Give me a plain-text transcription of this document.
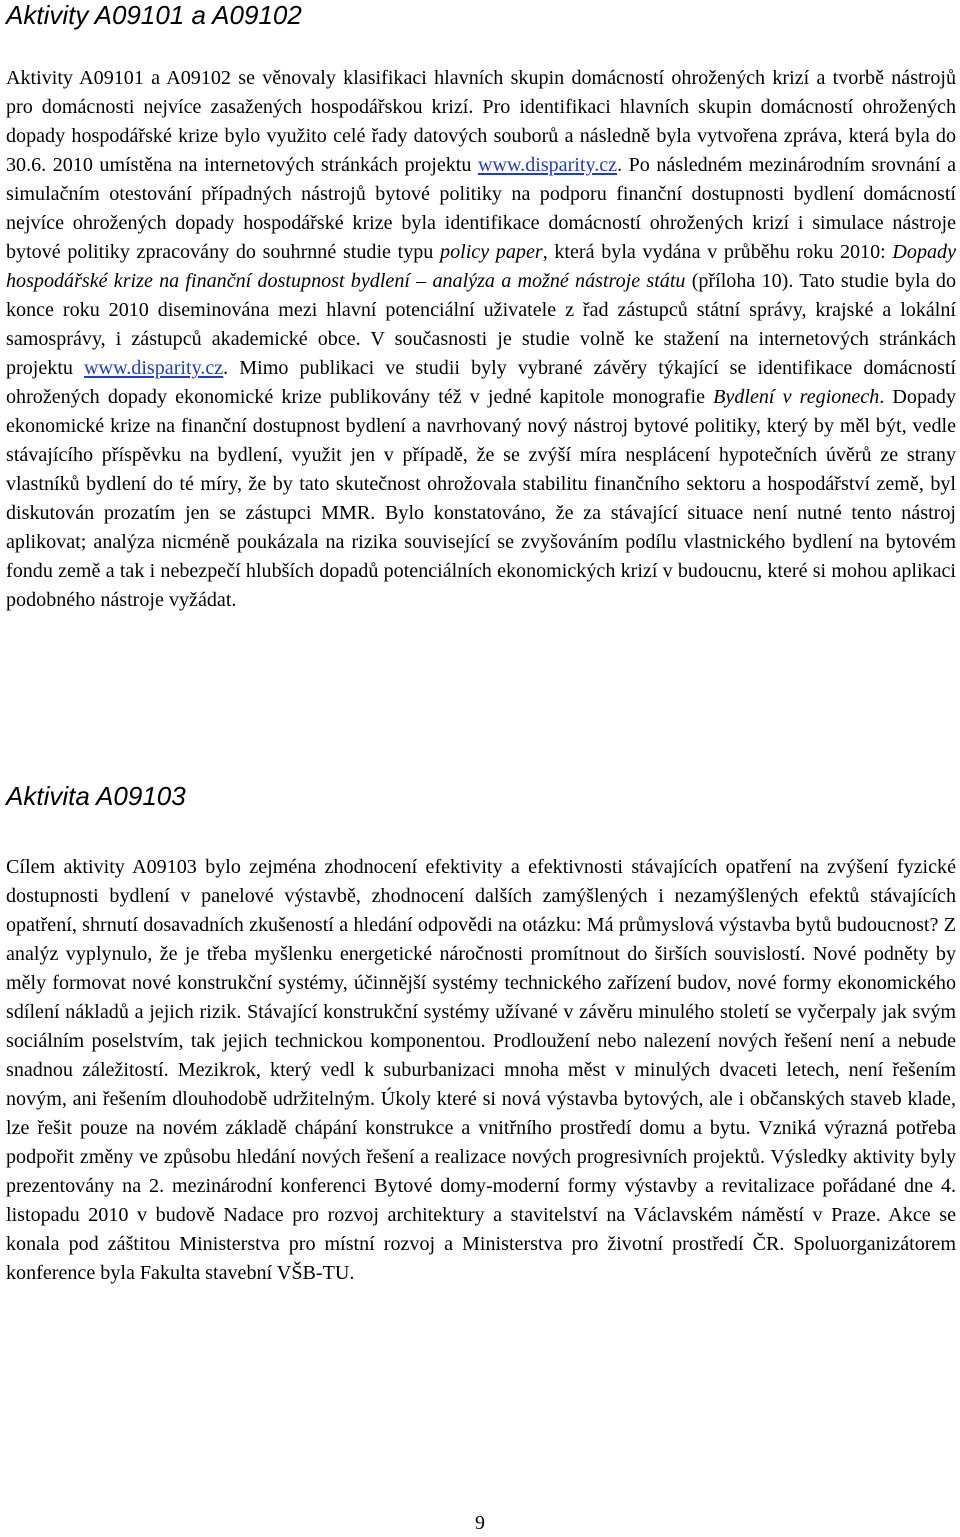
Aktivity A09101 a A09102

Aktivity A09101 a A09102 se věnovaly klasifikaci hlavních skupin domácností ohrožených krizí a tvorbě nástrojů pro domácnosti nejvíce zasažených hospodářskou krizí. Pro identifikaci hlavních skupin domácností ohrožených dopady hospodářské krize bylo využito celé řady datových souborů a následně byla vytvořena zpráva, která byla do 30.6. 2010 umístěna na internetových stránkách projektu www.disparity.cz. Po následném mezinárodním srovnání a simulačním otestování případných nástrojů bytové politiky na podporu finanční dostupnosti bydlení domácností nejvíce ohrožených dopady hospodářské krize byla identifikace domácností ohrožených krizí i simulace nástroje bytové politiky zpracovány do souhrnné studie typu policy paper, která byla vydána v průběhu roku 2010: Dopady hospodářské krize na finanční dostupnost bydlení – analýza a možné nástroje státu (příloha 10). Tato studie byla do konce roku 2010 diseminována mezi hlavní potenciální uživatele z řad zástupců státní správy, krajské a lokální samosprávy, i zástupců akademické obce. V současnosti je studie volně ke stažení na internetových stránkách projektu www.disparity.cz. Mimo publikaci ve studii byly vybrané závěry týkající se identifikace domácností ohrožených dopady ekonomické krize publikovány též v jedné kapitole monografie Bydlení v regionech. Dopady ekonomické krize na finanční dostupnost bydlení a navrhovaný nový nástroj bytové politiky, který by měl být, vedle stávajícího příspěvku na bydlení, využit jen v případě, že se zvýší míra nesplácení hypotečních úvěrů ze strany vlastníků bydlení do té míry, že by tato skutečnost ohrožovala stabilitu finančního sektoru a hospodářství země, byl diskutován prozatím jen se zástupci MMR. Bylo konstatováno, že za stávající situace není nutné tento nástroj aplikovat; analýza nicméně poukázala na rizika související se zvyšováním podílu vlastnického bydlení na bytovém fondu země a tak i nebezpečí hlubších dopadů potenciálních ekonomických krizí v budoucnu, které si mohou aplikaci podobného nástroje vyžádat.

Aktivita A09103

Cílem aktivity A09103 bylo zejména zhodnocení efektivity a efektivnosti stávajících opatření na zvýšení fyzické dostupnosti bydlení v panelové výstavbě, zhodnocení dalších zamýšlených i nezamýšlených efektů stávajících opatření, shrnutí dosavadních zkušeností a hledání odpovědi na otázku: Má průmyslová výstavba bytů budoucnost? Z analýz vyplynulo, že je třeba myšlenku energetické náročnosti promítnout do širších souvislostí. Nové podněty by měly formovat nové konstrukční systémy, účinnější systémy technického zařízení budov, nové formy ekonomického sdílení nákladů a jejich rizik. Stávající konstrukční systémy užívané v závěru minulého století se vyčerpaly jak svým sociálním poselstvím, tak jejich technickou komponentou. Prodloužení nebo nalezení nových řešení není a nebude snadnou záležitostí. Mezikrok, který vedl k suburbanizaci mnoha měst v minulých dvaceti letech, není řešením novým, ani řešením dlouhodobě udržitelným. Úkoly které si nová výstavba bytových, ale i občanských staveb klade, lze řešit pouze na novém základě chápání konstrukce a vnitřního prostředí domu a bytu. Vzniká výrazná potřeba podpořit změny ve způsobu hledání nových řešení a realizace nových progresivních projektů. Výsledky aktivity byly prezentovány na 2. mezinárodní konferenci Bytové domy-moderní formy výstavby a revitalizace pořádané dne 4. listopadu 2010 v budově Nadace pro rozvoj architektury a stavitelství na Václavském náměstí v Praze. Akce se konala pod záštitou Ministerstva pro místní rozvoj a Ministerstva pro životní prostředí ČR. Spoluorganizátorem konference byla Fakulta stavební VŠB-TU.

9
